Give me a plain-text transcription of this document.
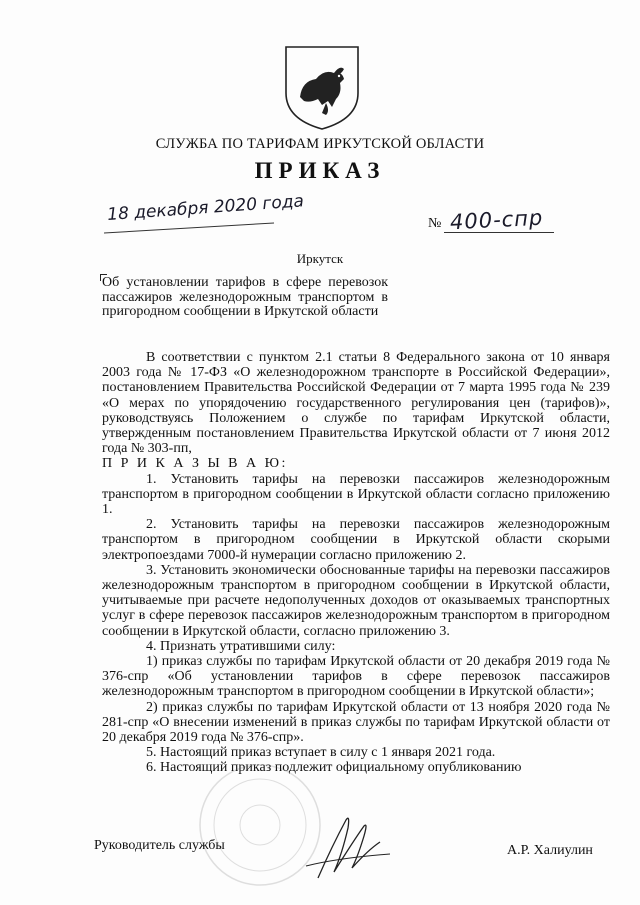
СЛУЖБА ПО ТАРИФАМ ИРКУТСКОЙ ОБЛАСТИ
ПРИКАЗ
18 декабря 2020 года	№ 400-спр
Иркутск
Об установлении тарифов в сфере перевозок пассажиров железнодорожным транспортом в пригородном сообщении в Иркутской области

В соответствии с пунктом 2.1 статьи 8 Федерального закона от 10 января 2003 года № 17-ФЗ «О железнодорожном транспорте в Российской Федерации», постановлением Правительства Российской Федерации от 7 марта 1995 года № 239 «О мерах по упорядочению государственного регулирования цен (тарифов)», руководствуясь Положением о службе по тарифам Иркутской области, утвержденным постановлением Правительства Иркутской области от 7 июня 2012 года № 303-пп,

П Р И К А З Ы В А Ю:

1. Установить тарифы на перевозки пассажиров железнодорожным транспортом в пригородном сообщении в Иркутской области согласно приложению 1.

2. Установить тарифы на перевозки пассажиров железнодорожным транспортом в пригородном сообщении в Иркутской области скорыми электропоездами 7000-й нумерации согласно приложению 2.

3. Установить экономически обоснованные тарифы на перевозки пассажиров железнодорожным транспортом в пригородном сообщении в Иркутской области, учитываемые при расчете недополученных доходов от оказываемых транспортных услуг в сфере перевозок пассажиров железнодорожным транспортом в пригородном сообщении в Иркутской области, согласно приложению 3.

4. Признать утратившими силу:

1) приказ службы по тарифам Иркутской области от 20 декабря 2019 года № 376-спр «Об установлении тарифов в сфере перевозок пассажиров железнодорожным транспортом в пригородном сообщении в Иркутской области»;

2) приказ службы по тарифам Иркутской области от 13 ноября 2020 года № 281-спр «О внесении изменений в приказ службы по тарифам Иркутской области от 20 декабря 2019 года № 376-спр».

5. Настоящий приказ вступает в силу с 1 января 2021 года.

6. Настоящий приказ подлежит официальному опубликованию

Руководитель службы	А.Р. Халиулин
